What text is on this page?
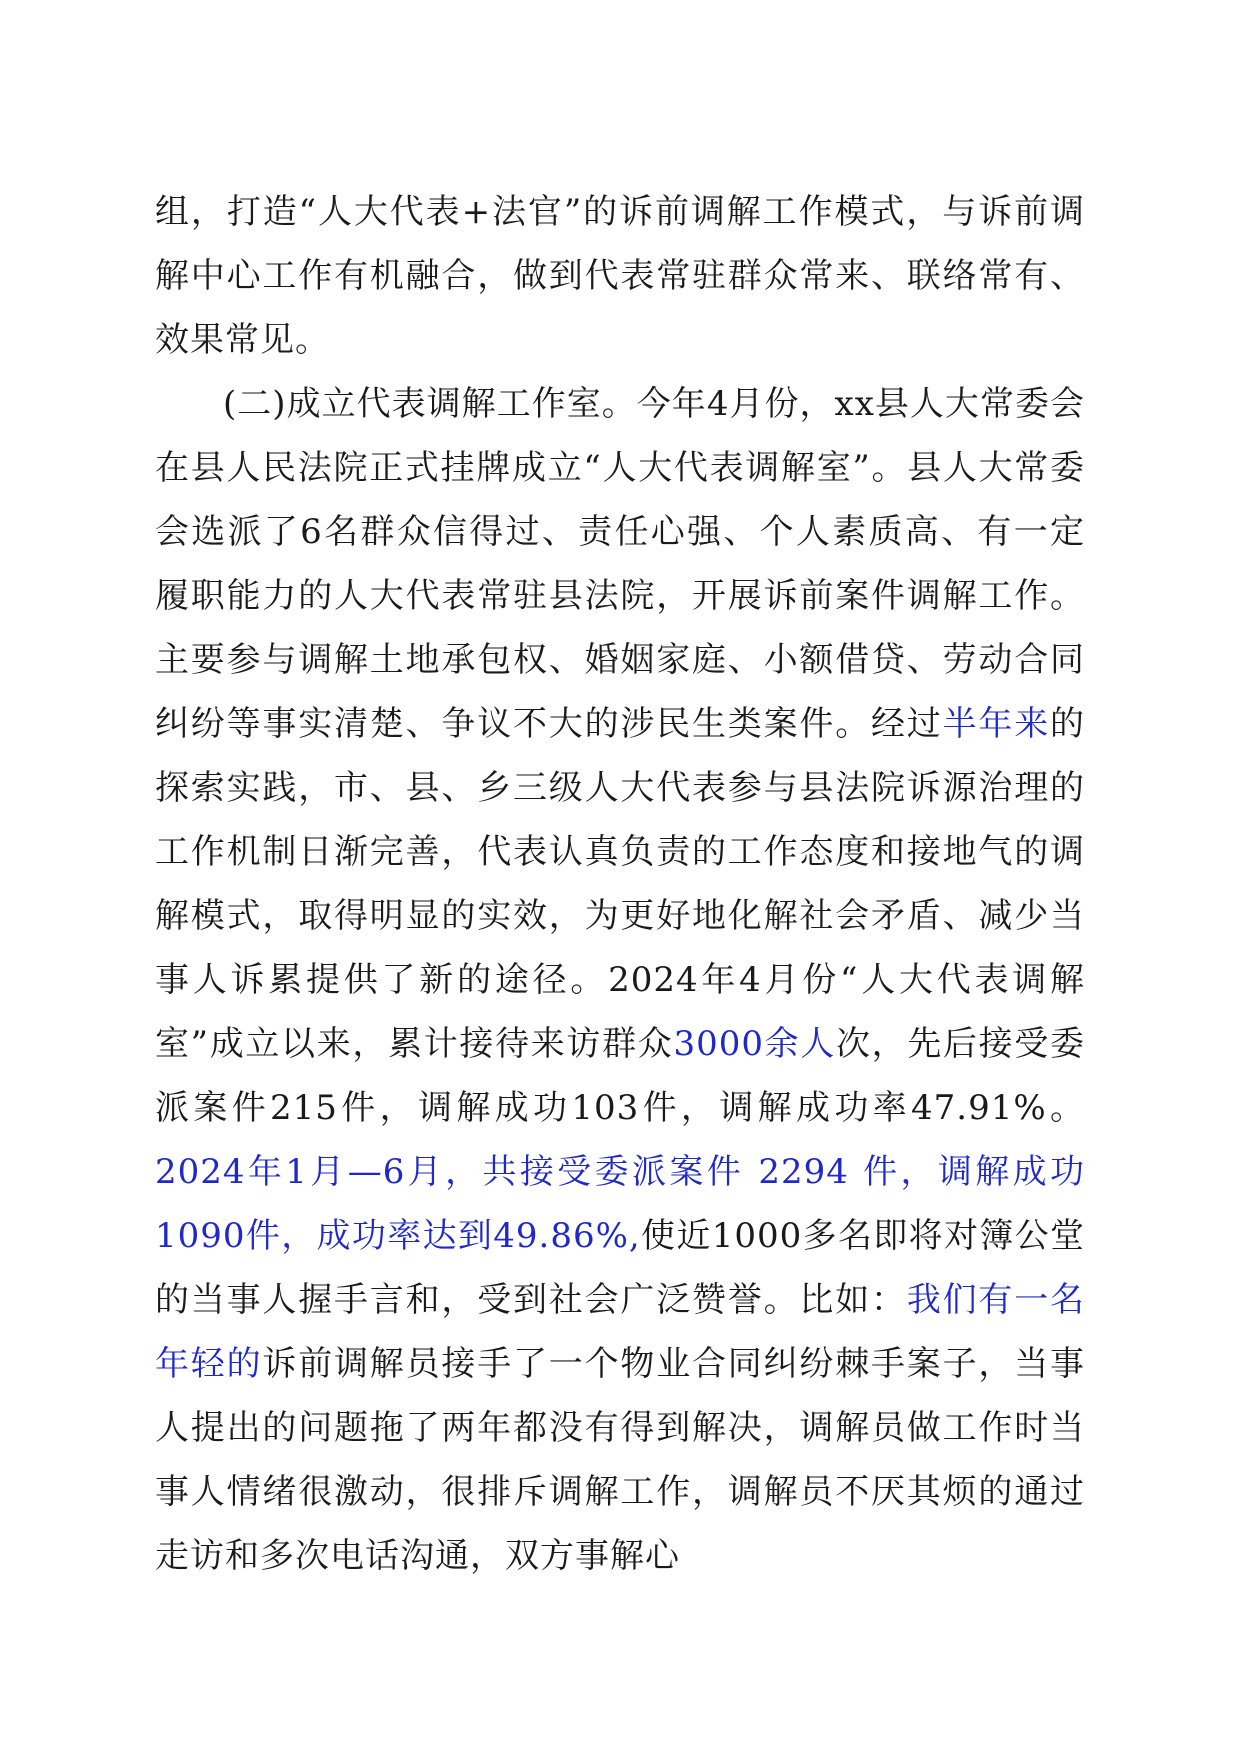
组，打造“人大代表+法官”的诉前调解工作模式，与诉前调解中心工作有机融合，做到代表常驻群众常来、联络常有、效果常见。

(二)成立代表调解工作室。今年4月份，xx县人大常委会在县人民法院正式挂牌成立“人大代表调解室”。县人大常委会选派了6名群众信得过、责任心强、个人素质高、有一定履职能力的人大代表常驻县法院，开展诉前案件调解工作。主要参与调解土地承包权、婚姻家庭、小额借贷、劳动合同纠纷等事实清楚、争议不大的涉民生类案件。经过半年来的探索实践，市、县、乡三级人大代表参与县法院诉源治理的工作机制日渐完善，代表认真负责的工作态度和接地气的调解模式，取得明显的实效，为更好地化解社会矛盾、减少当事人诉累提供了新的途径。2024年4月份“人大代表调解室”成立以来，累计接待来访群众3000余人次，先后接受委派案件215件，调解成功103件，调解成功率47.91%。2024年1月—6月，共接受委派案件 2294 件，调解成功 1090件，成功率达到49.86%,使近1000多名即将对簿公堂的当事人握手言和，受到社会广泛赞誉。比如：我们有一名年轻的诉前调解员接手了一个物业合同纠纷棘手案子，当事人提出的问题拖了两年都没有得到解决，调解员做工作时当事人情绪很激动，很排斥调解工作，调解员不厌其烦的通过走访和多次电话沟通，双方事解心
